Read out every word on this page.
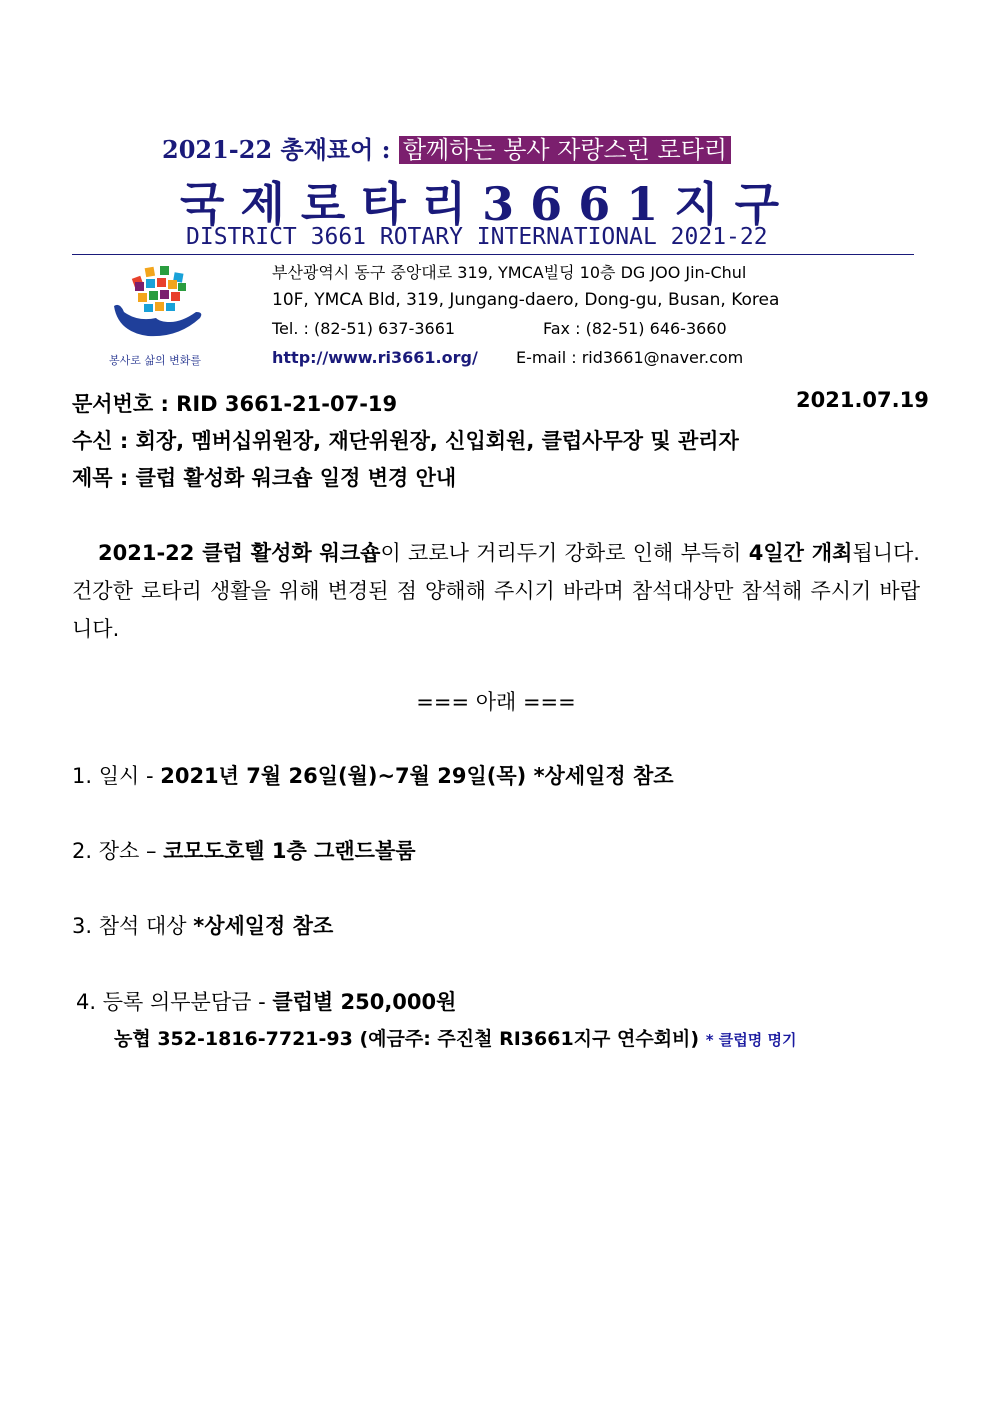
2021-22 총재표어 : 함께하는 봉사 자랑스런 로타리
국제로타리3661지구
DISTRICT 3661 ROTARY INTERNATIONAL 2021-22
봉사로 삶의 변화를
부산광역시 동구 중앙대로 319, YMCA빌딩 10층 DG JOO Jin-Chul
10F, YMCA Bld, 319, Jungang-daero, Dong-gu, Busan, Korea
Tel. : (82-51) 637-3661	Fax : (82-51) 646-3660
http://www.ri3661.org/ E-mail : rid3661@naver.com
문서번호 : RID 3661-21-07-19	2021.07.19
수신 : 회장, 멤버십위원장, 재단위원장, 신입회원, 클럽사무장 및 관리자
제목 : 클럽 활성화 워크숍 일정 변경 안내
2021-22 클럽 활성화 워크숍이 코로나 거리두기 강화로 인해 부득히 4일간 개최됩니다. 건강한 로타리 생활을 위해 변경된 점 양해해 주시기 바라며 참석대상만 참석해 주시기 바랍니다.
=== 아래 ===
1. 일시 - 2021년 7월 26일(월)~7월 29일(목) *상세일정 참조
2. 장소 – 코모도호텔 1층 그랜드볼룸
3. 참석 대상 *상세일정 참조
4. 등록 의무분담금 - 클럽별 250,000원
농협 352-1816-7721-93 (예금주: 주진철 RI3661지구 연수회비) * 클럽명 명기
